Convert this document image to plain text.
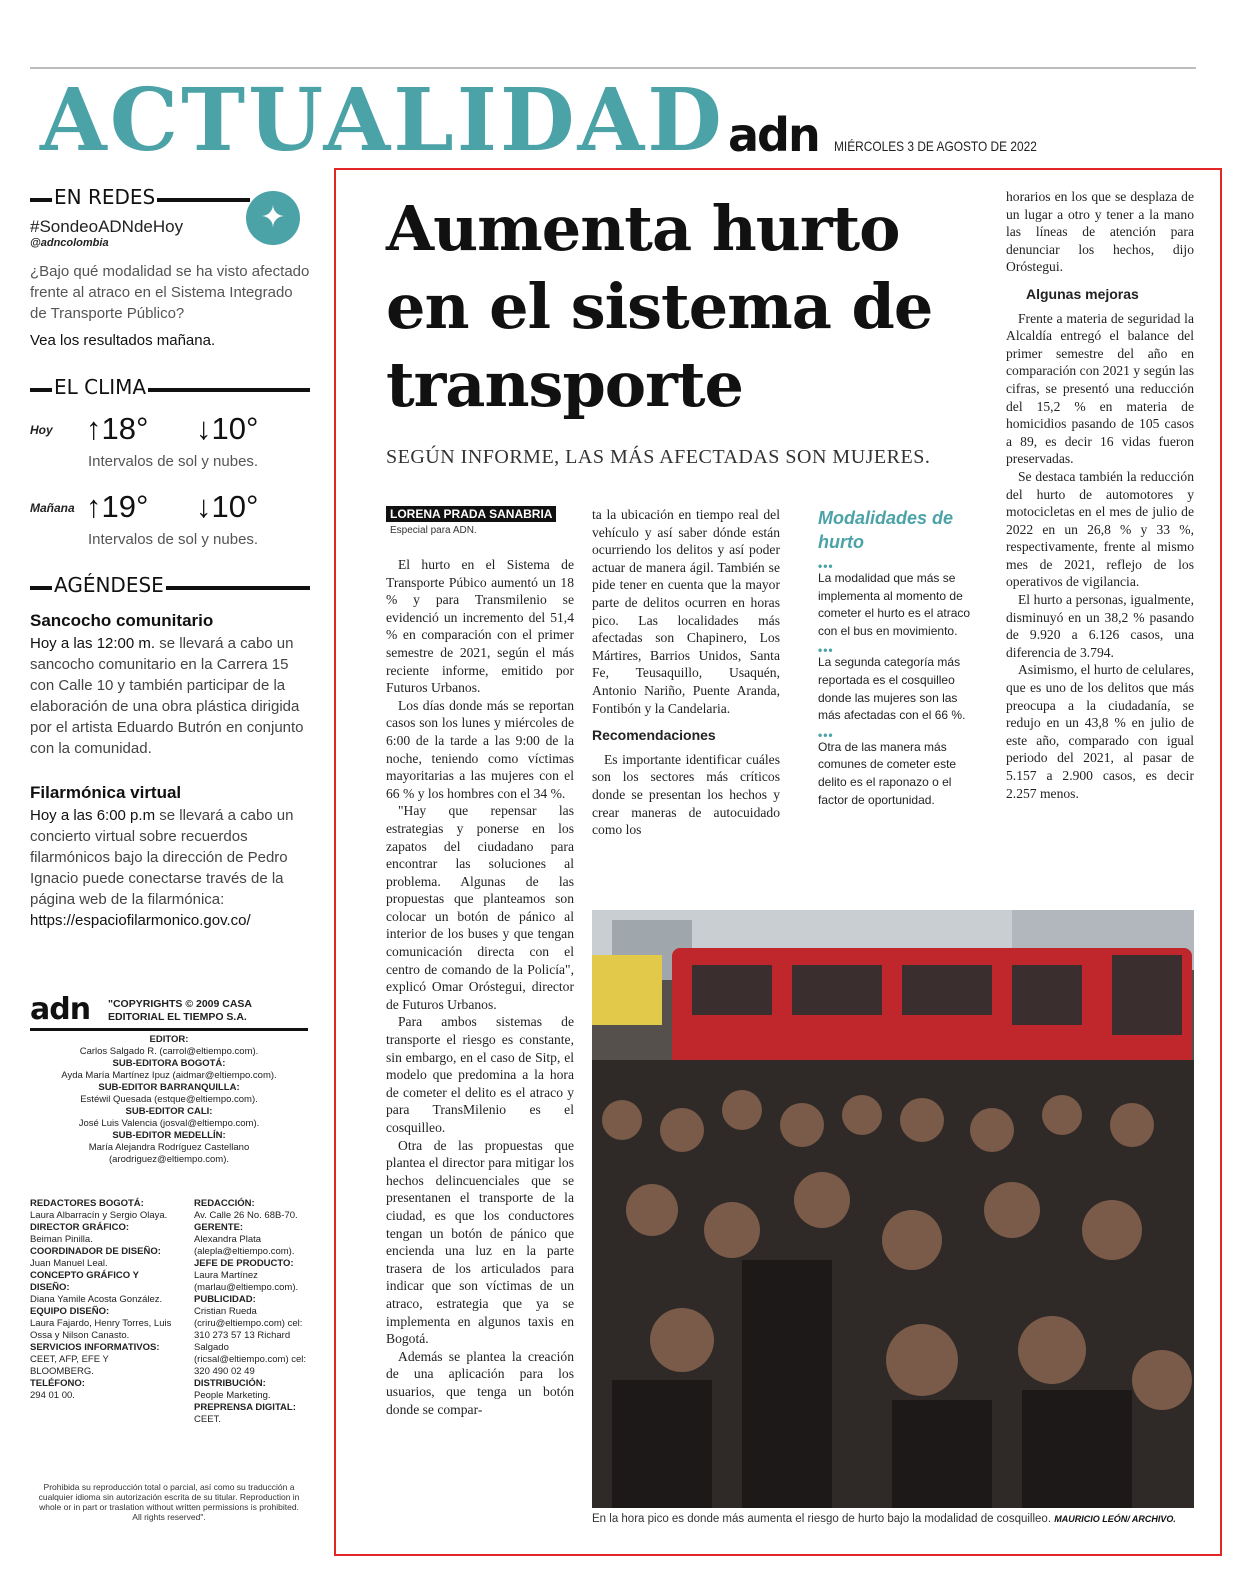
ACTUALIDAD adn MIÉRCOLES 3 DE AGOSTO DE 2022
EN REDES
✦
#SondeoADNdeHoy
@adncolombia
¿Bajo qué modalidad se ha visto afectado frente al atraco en el Sistema Integrado de Transporte Público?
Vea los resultados mañana.
EL CLIMA
Hoy ↑18° ↓10°
Intervalos de sol y nubes.
Mañana ↑19° ↓10°
Intervalos de sol y nubes.
AGÉNDESE
Sancocho comunitario
Hoy a las 12:00 m. se llevará a cabo un sancocho comunitario en la Carrera 15 con Calle 10 y también participar de la elaboración de una obra plástica dirigida por el artista Eduardo Butrón en conjunto con la comunidad.
Filarmónica virtual
Hoy a las 6:00 p.m se llevará a cabo un concierto virtual sobre recuerdos filarmónicos bajo la dirección de Pedro Ignacio puede conectarse través de la página web de la filarmónica: https://espaciofilarmonico.gov.co/
adn "COPYRIGHTS © 2009 CASA
EDITORIAL EL TIEMPO S.A.
EDITOR:
Carlos Salgado R. (carrol@eltiempo.com).
SUB-EDITORA BOGOTÁ:
Ayda María Martínez Ipuz (aidmar@eltiempo.com).
SUB-EDITOR BARRANQUILLA:
Estéwil Quesada (estque@eltiempo.com).
SUB-EDITOR CALI:
José Luis Valencia (josval@eltiempo.com).
SUB-EDITOR MEDELLÍN:
María Alejandra Rodríguez Castellano (arodriguez@eltiempo.com).
REDACTORES BOGOTÁ:
Laura Albarracín y Sergio Olaya.
DIRECTOR GRÁFICO:
Beiman Pinilla.
COORDINADOR DE DISEÑO:
Juan Manuel Leal.
CONCEPTO GRÁFICO Y DISEÑO:
Diana Yamile Acosta González.
EQUIPO DISEÑO:
Laura Fajardo, Henry Torres, Luis Ossa y Nilson Canasto.
SERVICIOS INFORMATIVOS:
CEET, AFP, EFE Y BLOOMBERG.
TELÉFONO:
294 01 00.
REDACCIÓN:
Av. Calle 26 No. 68B-70.
GERENTE:
Alexandra Plata (alepla@eltiempo.com).
JEFE DE PRODUCTO:
Laura Martínez (marlau@eltiempo.com).
PUBLICIDAD:
Cristian Rueda (criru@eltiempo.com) cel: 310 273 57 13 Richard Salgado (ricsal@eltiempo.com) cel: 320 490 02 49
DISTRIBUCIÓN:
People Marketing.
PREPRENSA DIGITAL:
CEET.
Prohibida su reproducción total o parcial, así como su traducción a cualquier idioma sin autorización escrita de su titular. Reproduction in whole or in part or traslation without written permissions is prohibited. All rights reserved".
Aumenta hurto en el sistema de transporte
SEGÚN INFORME, LAS MÁS AFECTADAS SON MUJERES.
LORENA PRADA SANABRIA
Especial para ADN.

El hurto en el Sistema de Transporte Púbico aumentó un 18 % y para Transmilenio se evidenció un incremento del 51,4 % en comparación con el primer semestre de 2021, según el más reciente informe, emitido por Futuros Urbanos.

Los días donde más se reportan casos son los lunes y miércoles de 6:00 de la tarde a las 9:00 de la noche, teniendo como víctimas mayoritarias a las mujeres con el 66 % y los hombres con el 34 %.

"Hay que repensar las estrategias y ponerse en los zapatos del ciudadano para encontrar las soluciones al problema. Algunas de las propuestas que planteamos son colocar un botón de pánico al interior de los buses y que tengan comunicación directa con el centro de comando de la Policía", explicó Omar Oróstegui, director de Futuros Urbanos.

Para ambos sistemas de transporte el riesgo es constante, sin embargo, en el caso de Sitp, el modelo que predomina a la hora de cometer el delito es el atraco y para TransMilenio es el cosquilleo.

Otra de las propuestas que plantea el director para mitigar los hechos delincuenciales que se presentanen el transporte de la ciudad, es que los conductores tengan un botón de pánico que encienda una luz en la parte trasera de los articulados para indicar que son víctimas de un atraco, estrategia que ya se implementa en algunos taxis en Bogotá.

Además se plantea la creación de una aplicación para los usuarios, que tenga un botón donde se compar-

ta la ubicación en tiempo real del vehículo y así saber dónde están ocurriendo los delitos y así poder actuar de manera ágil. También se pide tener en cuenta que la mayor parte de delitos ocurren en horas pico. Las localidades más afectadas son Chapinero, Los Mártires, Barrios Unidos, Santa Fe, Teusaquillo, Usaquén, Antonio Nariño, Puente Aranda, Fontibón y la Candelaria.

Recomendaciones

Es importante identificar cuáles son los sectores más críticos donde se presentan los hechos y crear maneras de autocuidado como los

Modalidades de hurto
•••
La modalidad que más se implementa al momento de cometer el hurto es el atraco con el bus en movimiento.
•••
La segunda categoría más reportada es el cosquilleo donde las mujeres son las más afectadas con el 66 %.
•••
Otra de las manera más comunes de cometer este delito es el raponazo o el factor de oportunidad.

horarios en los que se desplaza de un lugar a otro y tener a la mano las líneas de atención para denunciar los hechos, dijo Oróstegui.

Algunas mejoras

Frente a materia de seguridad la Alcaldía entregó el balance del primer semestre del año en comparación con 2021 y según las cifras, se presentó una reducción del 15,2 % en materia de homicidios pasando de 105 casos a 89, es decir 16 vidas fueron preservadas.

Se destaca también la reducción del hurto de automotores y motocicletas en el mes de julio de 2022 en un 26,8 % y 33 %, respectivamente, frente al mismo mes de 2021, reflejo de los operativos de vigilancia.

El hurto a personas, igualmente, disminuyó en un 38,2 % pasando de 9.920 a 6.126 casos, una diferencia de 3.794.

Asimismo, el hurto de celulares, que es uno de los delitos que más preocupa a la ciudadanía, se redujo en un 43,8 % en julio de este año, comparado con igual periodo del 2021, al pasar de 5.157 a 2.900 casos, es decir 2.257 menos.

En la hora pico es donde más aumenta el riesgo de hurto bajo la modalidad de cosquilleo. MAURICIO LEÓN/ ARCHIVO.
